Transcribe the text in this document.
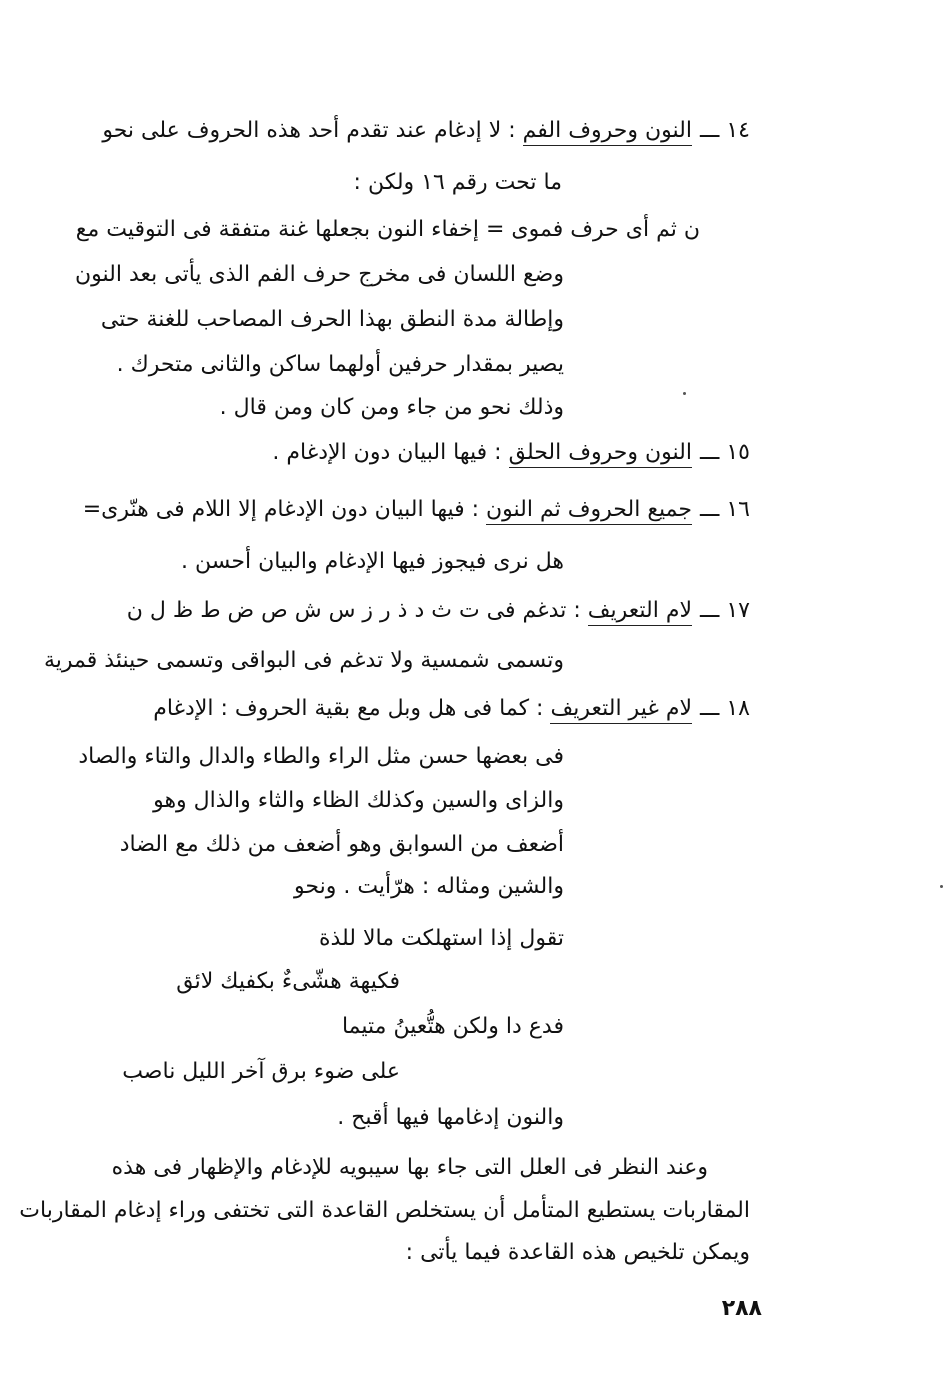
١٤ ـــ
النون وحروف الفم : لا إدغام عند تقدم أحد هذه الحروف على نحو
ما تحت رقم ١٦ ولكن :
ن ثم أى حرف فموى = إخفاء النون بجعلها غنة متفقة فى التوقيت مع
وضع اللسان فى مخرج حرف الفم الذى يأتى بعد النون
وإطالة مدة النطق بهذا الحرف المصاحب للغنة حتى
يصير بمقدار حرفين أولهما ساكن والثانى متحرك .
وذلك نحو من جاء ومن كان ومن قال .
١٥ ـــ
النون وحروف الحلق : فيها البيان دون الإدغام .
١٦ ـــ
جميع الحروف ثم النون : فيها البيان دون الإدغام إلا اللام فى هنّرى=
هل نرى فيجوز فيها الإدغام والبيان أحسن .
١٧ ـــ
لام التعريف : تدغم فى ت ث د ذ ر ز س ش ص ض ط ظ ل ن
وتسمى شمسية ولا تدغم فى البواقى وتسمى حينئذ قمرية
١٨ ـــ
لام غير التعريف : كما فى هل وبل مع بقية الحروف : الإدغام
فى بعضها حسن مثل الراء والطاء والدال والتاء والصاد
والزاى والسين وكذلك الظاء والثاء والذال وهو
أضعف من السوابق وهو أضعف من ذلك مع الضاد
والشين ومثاله : هرّأيت . ونحو
تقول إذا استهلكت مالا للذة
فكيهة هشّىءٌ بكفيك لائق
فدع دا ولكن هتُّعينُ متيما
على ضوء برق آخر الليل ناصب
والنون إدغامها فيها أقبح .
وعند النظر فى العلل التى جاء بها سيبويه للإدغام والإظهار فى هذه
المقاربات يستطيع المتأمل أن يستخلص القاعدة التى تختفى وراء إدغام المقاربات
ويمكن تلخيص هذه القاعدة فيما يأتى :
٢٨٨
